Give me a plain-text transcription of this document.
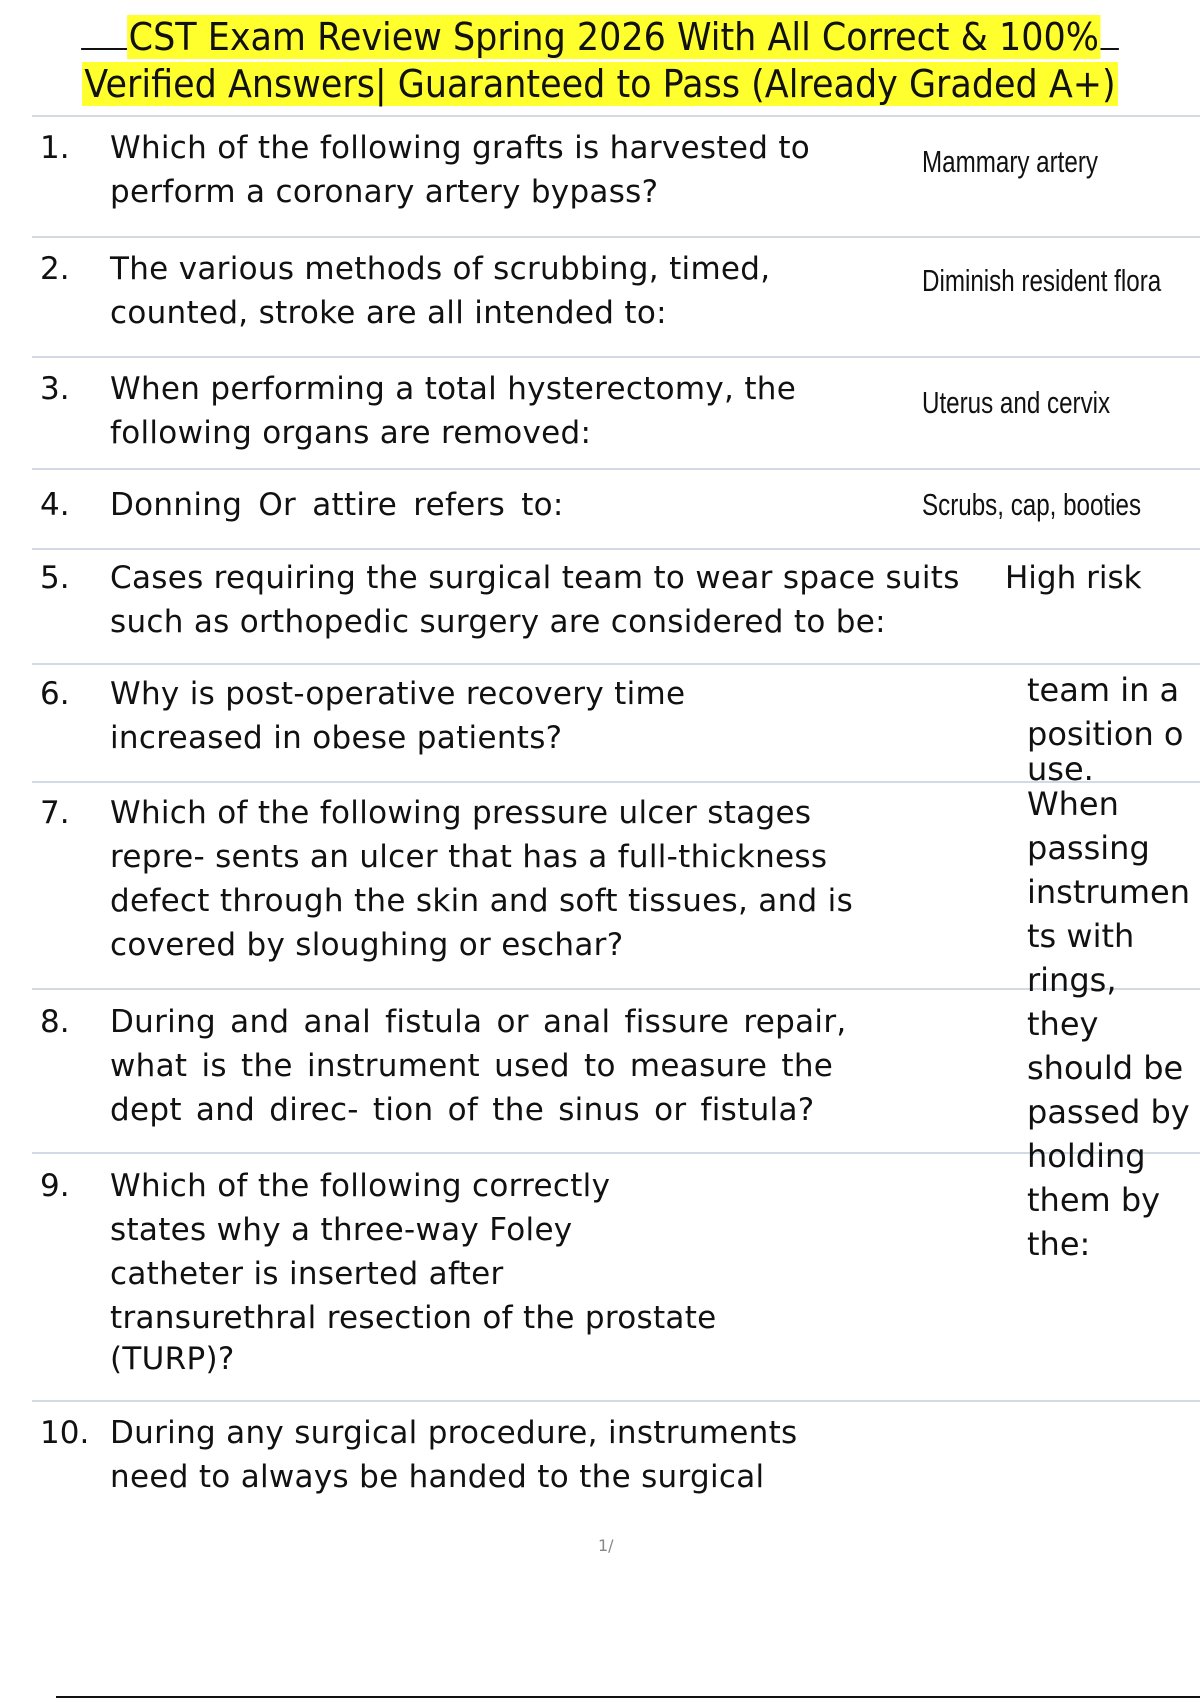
CST Exam Review Spring 2026 With All Correct & 100%
Verified Answers| Guaranteed to Pass (Already Graded A+)
1. Which of the following grafts is harvested to
perform a coronary artery bypass?
Mammary artery
2. The various methods of scrubbing, timed,
counted, stroke are all intended to:
Diminish resident flora
3. When performing a total hysterectomy, the
following organs are removed:
Uterus and cervix
4. Donning Or attire refers to:	Scrubs, cap, booties
5. Cases requiring the surgical team to wear space suits
such as orthopedic surgery are considered to be:
High risk
6. Why is post-operative recovery time
increased in obese patients?
7. Which of the following pressure ulcer stages
repre- sents an ulcer that has a full-thickness
defect through the skin and soft tissues, and is
covered by sloughing or eschar?
8. During and anal fistula or anal fissure repair,
what is the instrument used to measure the
dept and direc- tion of the sinus or fistula?
9. Which of the following correctly
states why a three-way Foley
catheter is inserted after
transurethral resection of the prostate
(TURP)?
10. During any surgical procedure, instruments
need to always be handed to the surgical
team in a
position o
use.
When
passing
instrumen
ts with
rings,
they
should be
passed by
holding
them by
the:
1/
